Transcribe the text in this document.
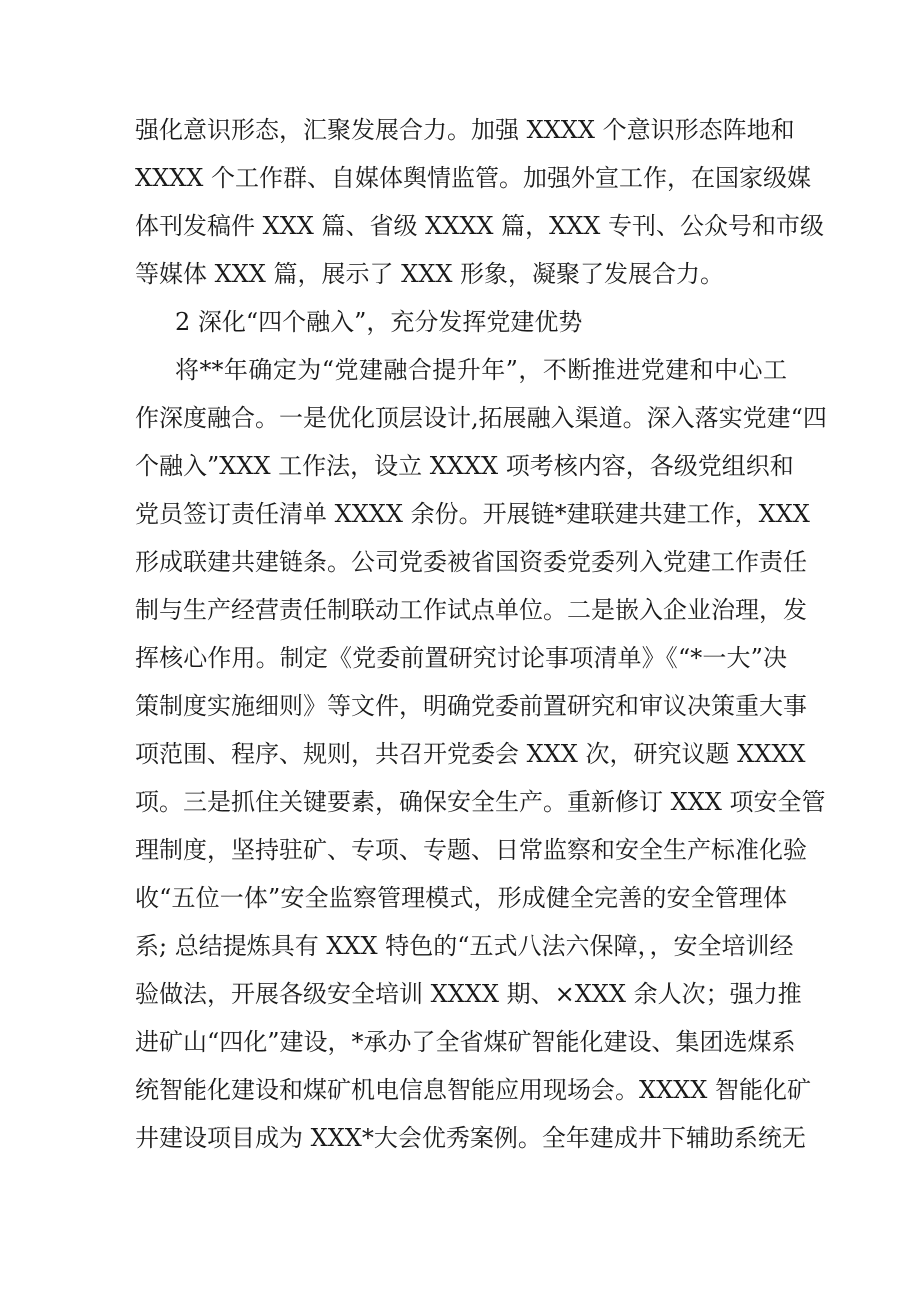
强化意识形态，汇聚发展合力。加强 XXXX 个意识形态阵地和
XXXX 个工作群、自媒体舆情监管。加强外宣工作，在国家级媒
体刊发稿件 XXX 篇、省级 XXXX 篇，XXX 专刊、公众号和市级
等媒体 XXX 篇，展示了 XXX 形象，凝聚了发展合力。
2 深化“四个融入”，充分发挥党建优势
将**年确定为“党建融合提升年”，不断推进党建和中心工
作深度融合。一是优化顶层设计,拓展融入渠道。深入落实党建“四
个融入”XXX 工作法，设立 XXXX 项考核内容，各级党组织和
党员签订责任清单 XXXX 余份。开展链*建联建共建工作，XXX
形成联建共建链条。公司党委被省国资委党委列入党建工作责任
制与生产经营责任制联动工作试点单位。二是嵌入企业治理，发
挥核心作用。制定《党委前置研究讨论事项清单》《“*一大”决
策制度实施细则》等文件，明确党委前置研究和审议决策重大事
项范围、程序、规则，共召开党委会 XXX 次，研究议题 XXXX
项。三是抓住关键要素，确保安全生产。重新修订 XXX 项安全管
理制度，坚持驻矿、专项、专题、日常监察和安全生产标准化验
收“五位一体”安全监察管理模式，形成健全完善的安全管理体
系; 总结提炼具有 XXX 特色的“五式八法六保障，，安全培训经
验做法，开展各级安全培训 XXXX 期、×XXX 余人次；强力推
进矿山“四化”建设，*承办了全省煤矿智能化建设、集团选煤系
统智能化建设和煤矿机电信息智能应用现场会。XXXX 智能化矿
井建设项目成为 XXX*大会优秀案例。全年建成井下辅助系统无
